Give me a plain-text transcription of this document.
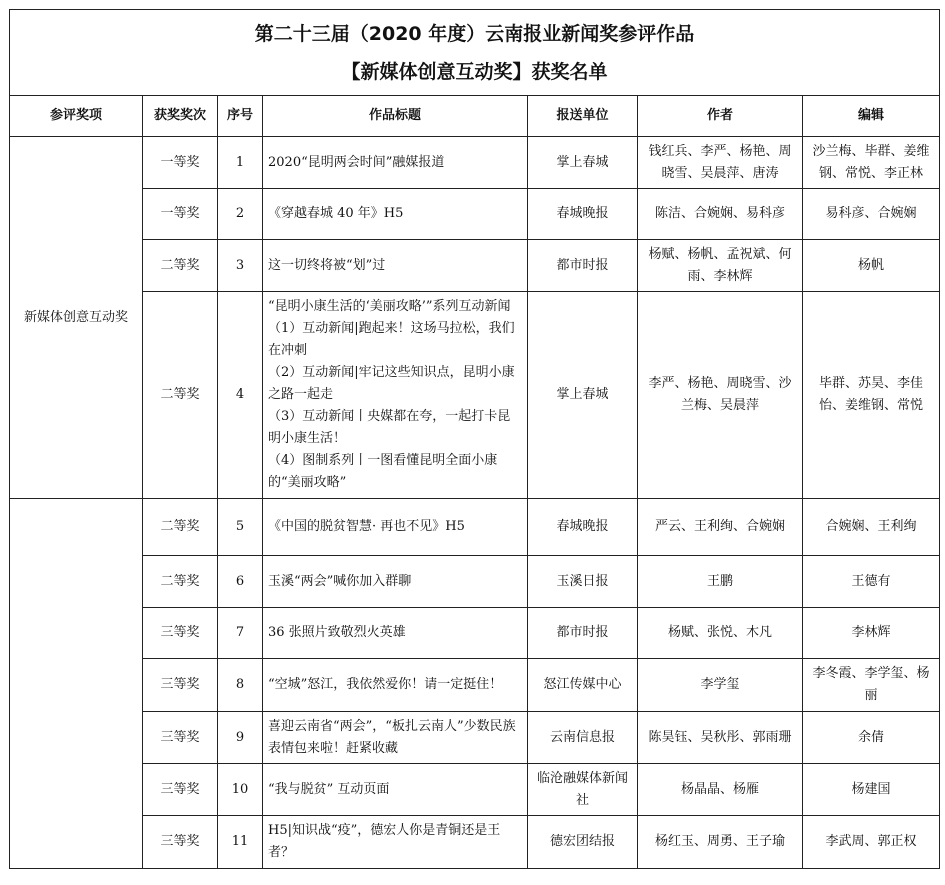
第二十三届（2020 年度）云南报业新闻奖参评作品
【新媒体创意互动奖】获奖名单						

参评奖项	获奖奖次	序号	作品标题	报送单位	作者	编辑
新媒体创意互动奖	一等奖	1	2020“昆明两会时间”融媒报道	掌上春城	钱红兵、李严、杨艳、周晓雪、吴晨萍、唐涛	沙兰梅、毕群、姜维钢、常悦、李正林
	一等奖	2	《穿越春城 40 年》H5	春城晚报	陈洁、合婉娴、易科彦	易科彦、合婉娴
	二等奖	3	这一切终将被“划”过	都市时报	杨赋、杨帆、孟祝斌、何雨、李林辉	杨帆
	二等奖	4	“昆明小康生活的‘美丽攻略’”系列互动新闻
（1）互动新闻|跑起来！这场马拉松，我们在冲刺
（2）互动新闻|牢记这些知识点，昆明小康之路一起走
（3）互动新闻丨央媒都在夸，一起打卡昆明小康生活！
（4）图制系列丨一图看懂昆明全面小康的“美丽攻略”	掌上春城	李严、杨艳、周晓雪、沙兰梅、吴晨萍	毕群、苏昊、李佳怡、姜维钢、常悦
	二等奖	5	《中国的脱贫智慧· 再也不见》H5	春城晚报	严云、王利绚、合婉娴	合婉娴、王利绚
	二等奖	6	玉溪“两会”喊你加入群聊	玉溪日报	王鹏	王德有
	三等奖	7	36 张照片致敬烈火英雄	都市时报	杨赋、张悦、木凡	李林辉
	三等奖	8	“空城”怒江，我依然爱你！请一定挺住！	怒江传媒中心	李学玺	李冬霞、李学玺、杨丽
	三等奖	9	喜迎云南省“两会”，“板扎云南人”少数民族表情包来啦！赶紧收藏	云南信息报	陈昊钰、吴秋彤、郭雨珊	余倩
	三等奖	10	“我与脱贫” 互动页面	临沧融媒体新闻社	杨晶晶、杨雁	杨建国
	三等奖	11	H5|知识战“疫”，德宏人你是青铜还是王者？	德宏团结报	杨红玉、周勇、王子瑜	李武周、郭正权
